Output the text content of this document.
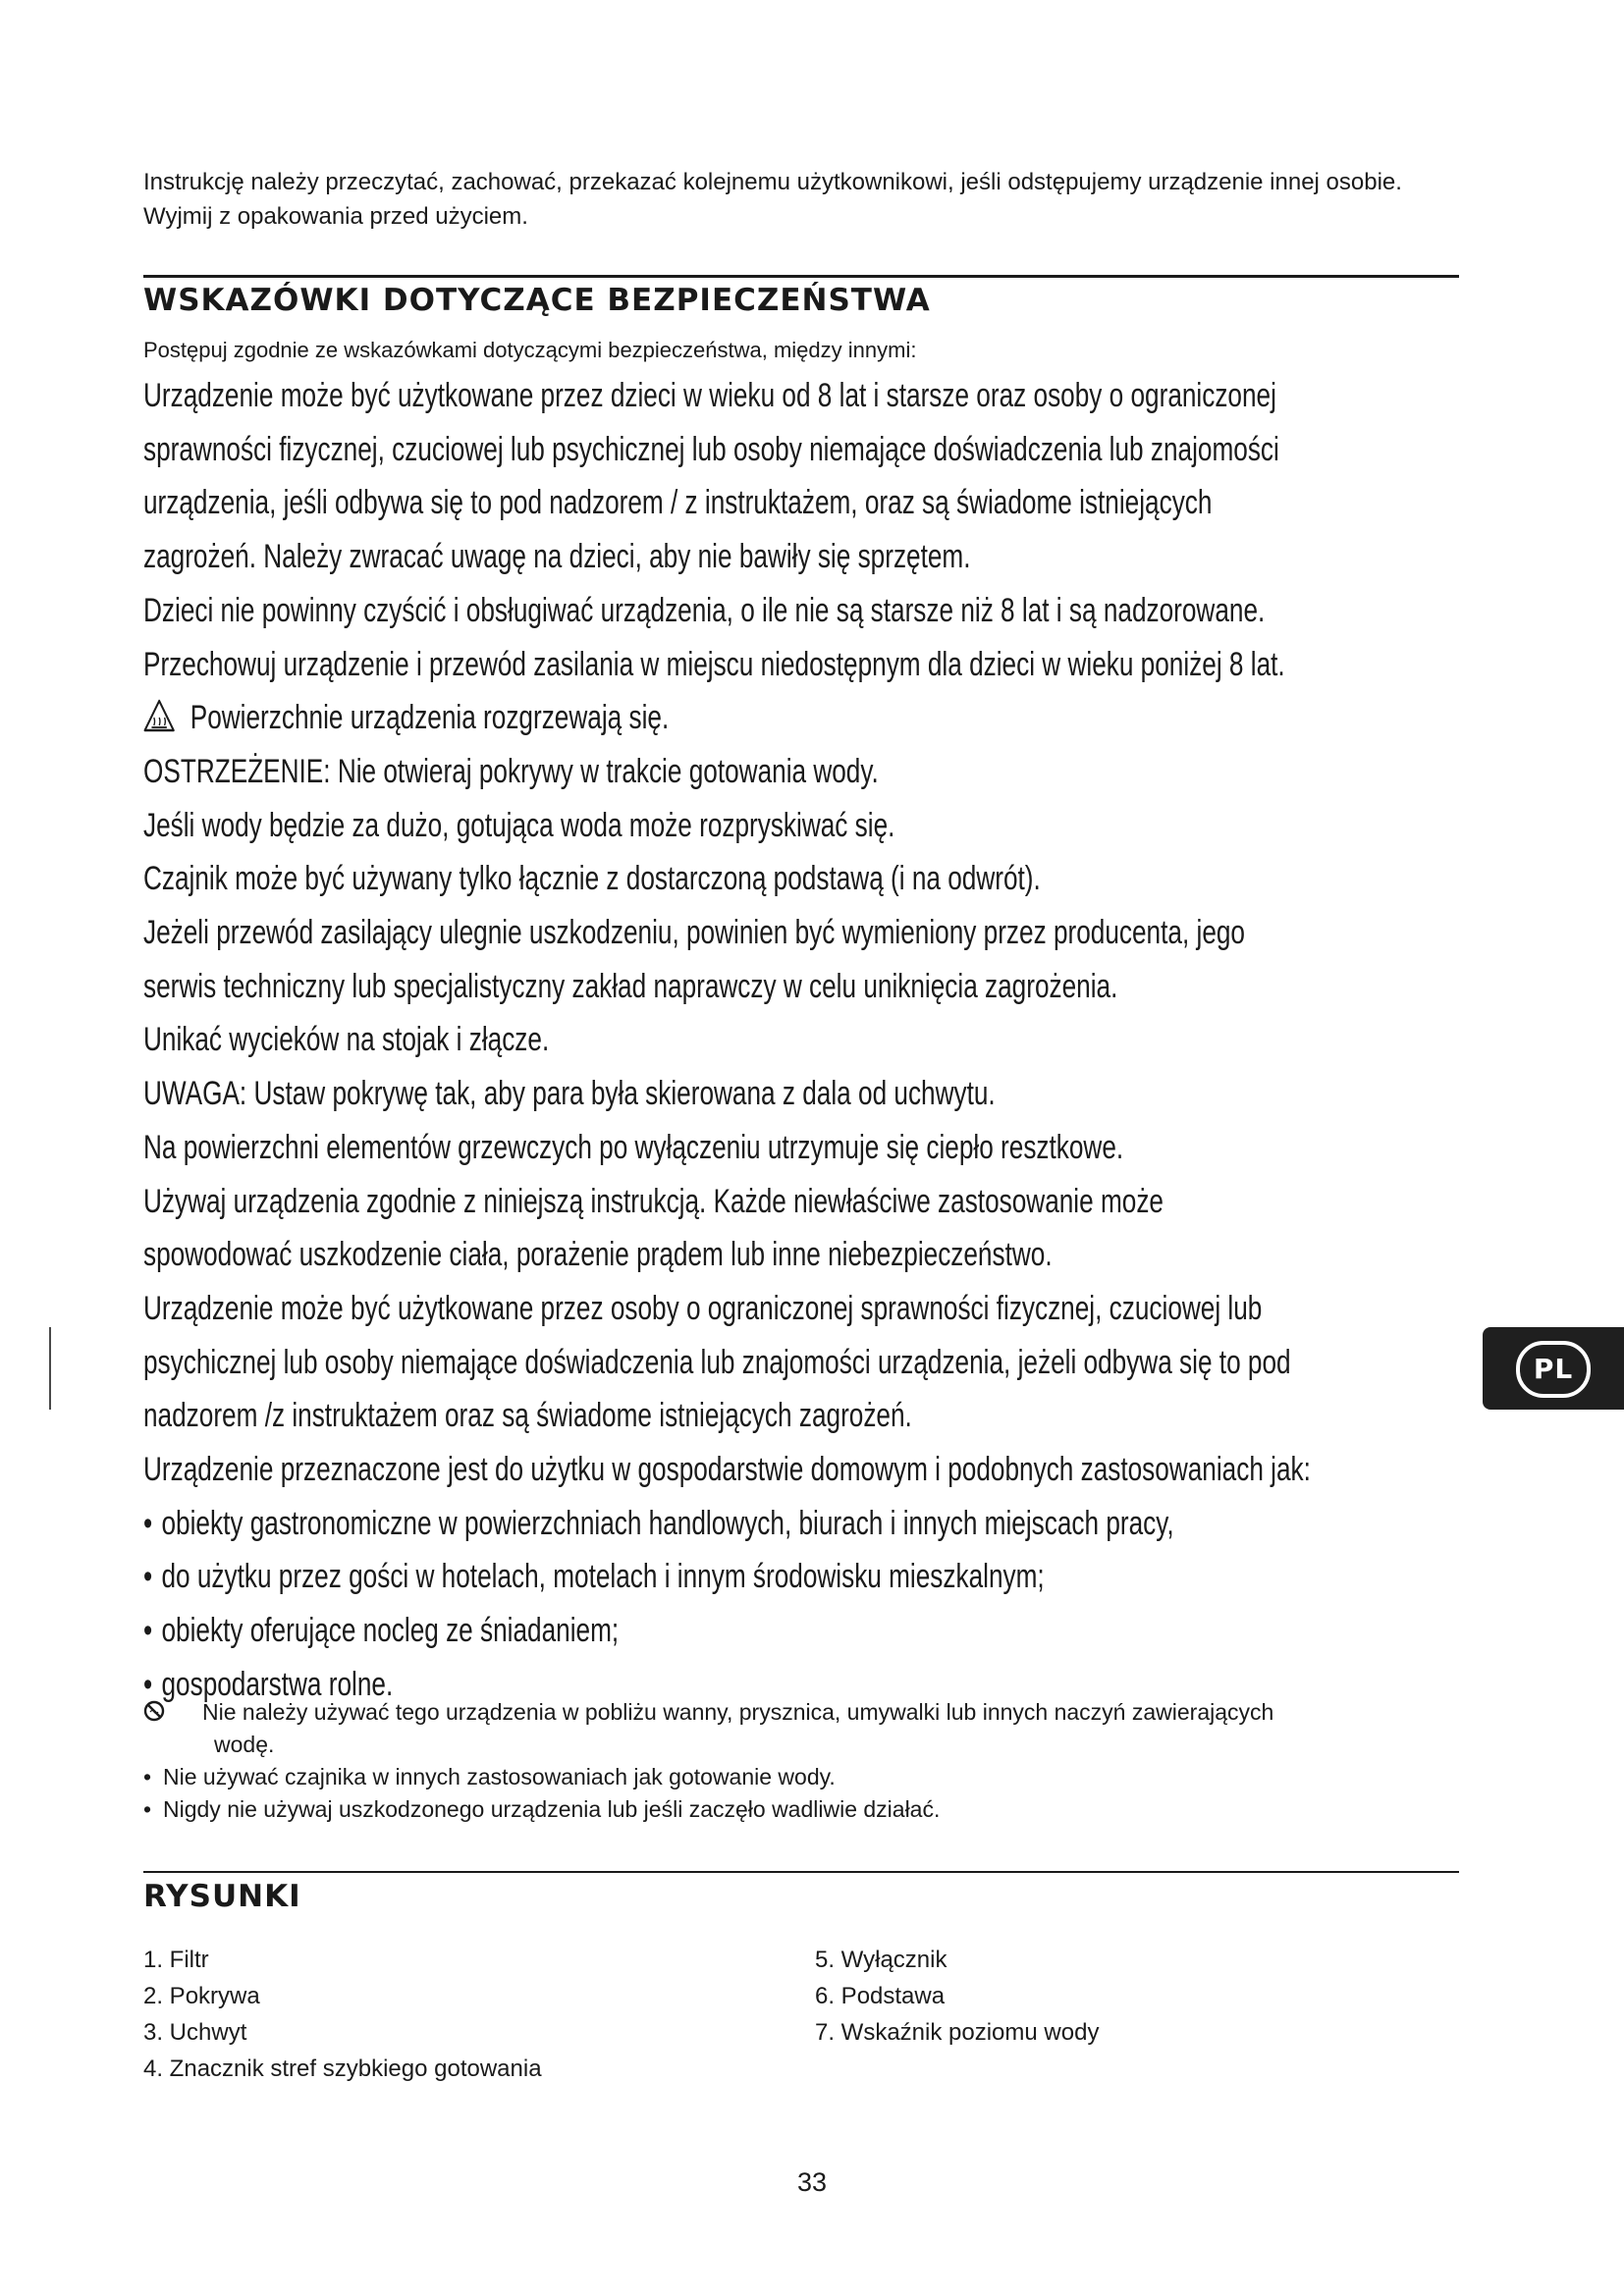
Instrukcję należy przeczytać, zachować, przekazać kolejnemu użytkownikowi, jeśli odstępujemy urządzenie innej osobie. Wyjmij z opakowania przed użyciem.

WSKAZÓWKI DOTYCZĄCE BEZPIECZEŃSTWA

Postępuj zgodnie ze wskazówkami dotyczącymi bezpieczeństwa, między innymi:

Urządzenie może być użytkowane przez dzieci w wieku od 8 lat i starsze oraz osoby o ograniczonej

sprawności fizycznej, czuciowej lub psychicznej lub osoby niemające doświadczenia lub znajomości

urządzenia, jeśli odbywa się to pod nadzorem / z instruktażem, oraz są świadome istniejących

zagrożeń. Należy zwracać uwagę na dzieci, aby nie bawiły się sprzętem.

Dzieci nie powinny czyścić i obsługiwać urządzenia, o ile nie są starsze niż 8 lat i są nadzorowane.

Przechowuj urządzenie i przewód zasilania w miejscu niedostępnym dla dzieci w wieku poniżej 8 lat.

Powierzchnie urządzenia rozgrzewają się.

OSTRZEŻENIE: Nie otwieraj pokrywy w trakcie gotowania wody.

Jeśli wody będzie za dużo, gotująca woda może rozpryskiwać się.

Czajnik może być używany tylko łącznie z dostarczoną podstawą (i na odwrót).

Jeżeli przewód zasilający ulegnie uszkodzeniu, powinien być wymieniony przez producenta, jego

serwis techniczny lub specjalistyczny zakład naprawczy w celu uniknięcia zagrożenia.

Unikać wycieków na stojak i złącze.

UWAGA: Ustaw pokrywę tak, aby para była skierowana z dala od uchwytu.

Na powierzchni elementów grzewczych po wyłączeniu utrzymuje się ciepło resztkowe.

Używaj urządzenia zgodnie z niniejszą instrukcją. Każde niewłaściwe zastosowanie może

spowodować uszkodzenie ciała, porażenie prądem lub inne niebezpieczeństwo.

Urządzenie może być użytkowane przez osoby o ograniczonej sprawności fizycznej, czuciowej lub

psychicznej lub osoby niemające doświadczenia lub znajomości urządzenia, jeżeli odbywa się to pod

nadzorem /z instruktażem oraz są świadome istniejących zagrożeń.

Urządzenie przeznaczone jest do użytku w gospodarstwie domowym i podobnych zastosowaniach jak:

• obiekty gastronomiczne w powierzchniach handlowych, biurach i innych miejscach pracy,

• do użytku przez gości w hotelach, motelach i innym środowisku mieszkalnym;

• obiekty oferujące nocleg ze śniadaniem;

• gospodarstwa rolne.

Nie należy używać tego urządzenia w pobliżu wanny, prysznica, umywalki lub innych naczyń zawierających
wodę.
• Nie używać czajnika w innych zastosowaniach jak gotowanie wody.
• Nigdy nie używaj uszkodzonego urządzenia lub jeśli zaczęło wadliwie działać.
RYSUNKI
1. Filtr
2. Pokrywa
3. Uchwyt
4. Znacznik stref szybkiego gotowania
5. Wyłącznik
6. Podstawa
7. Wskaźnik poziomu wody
33
PL
